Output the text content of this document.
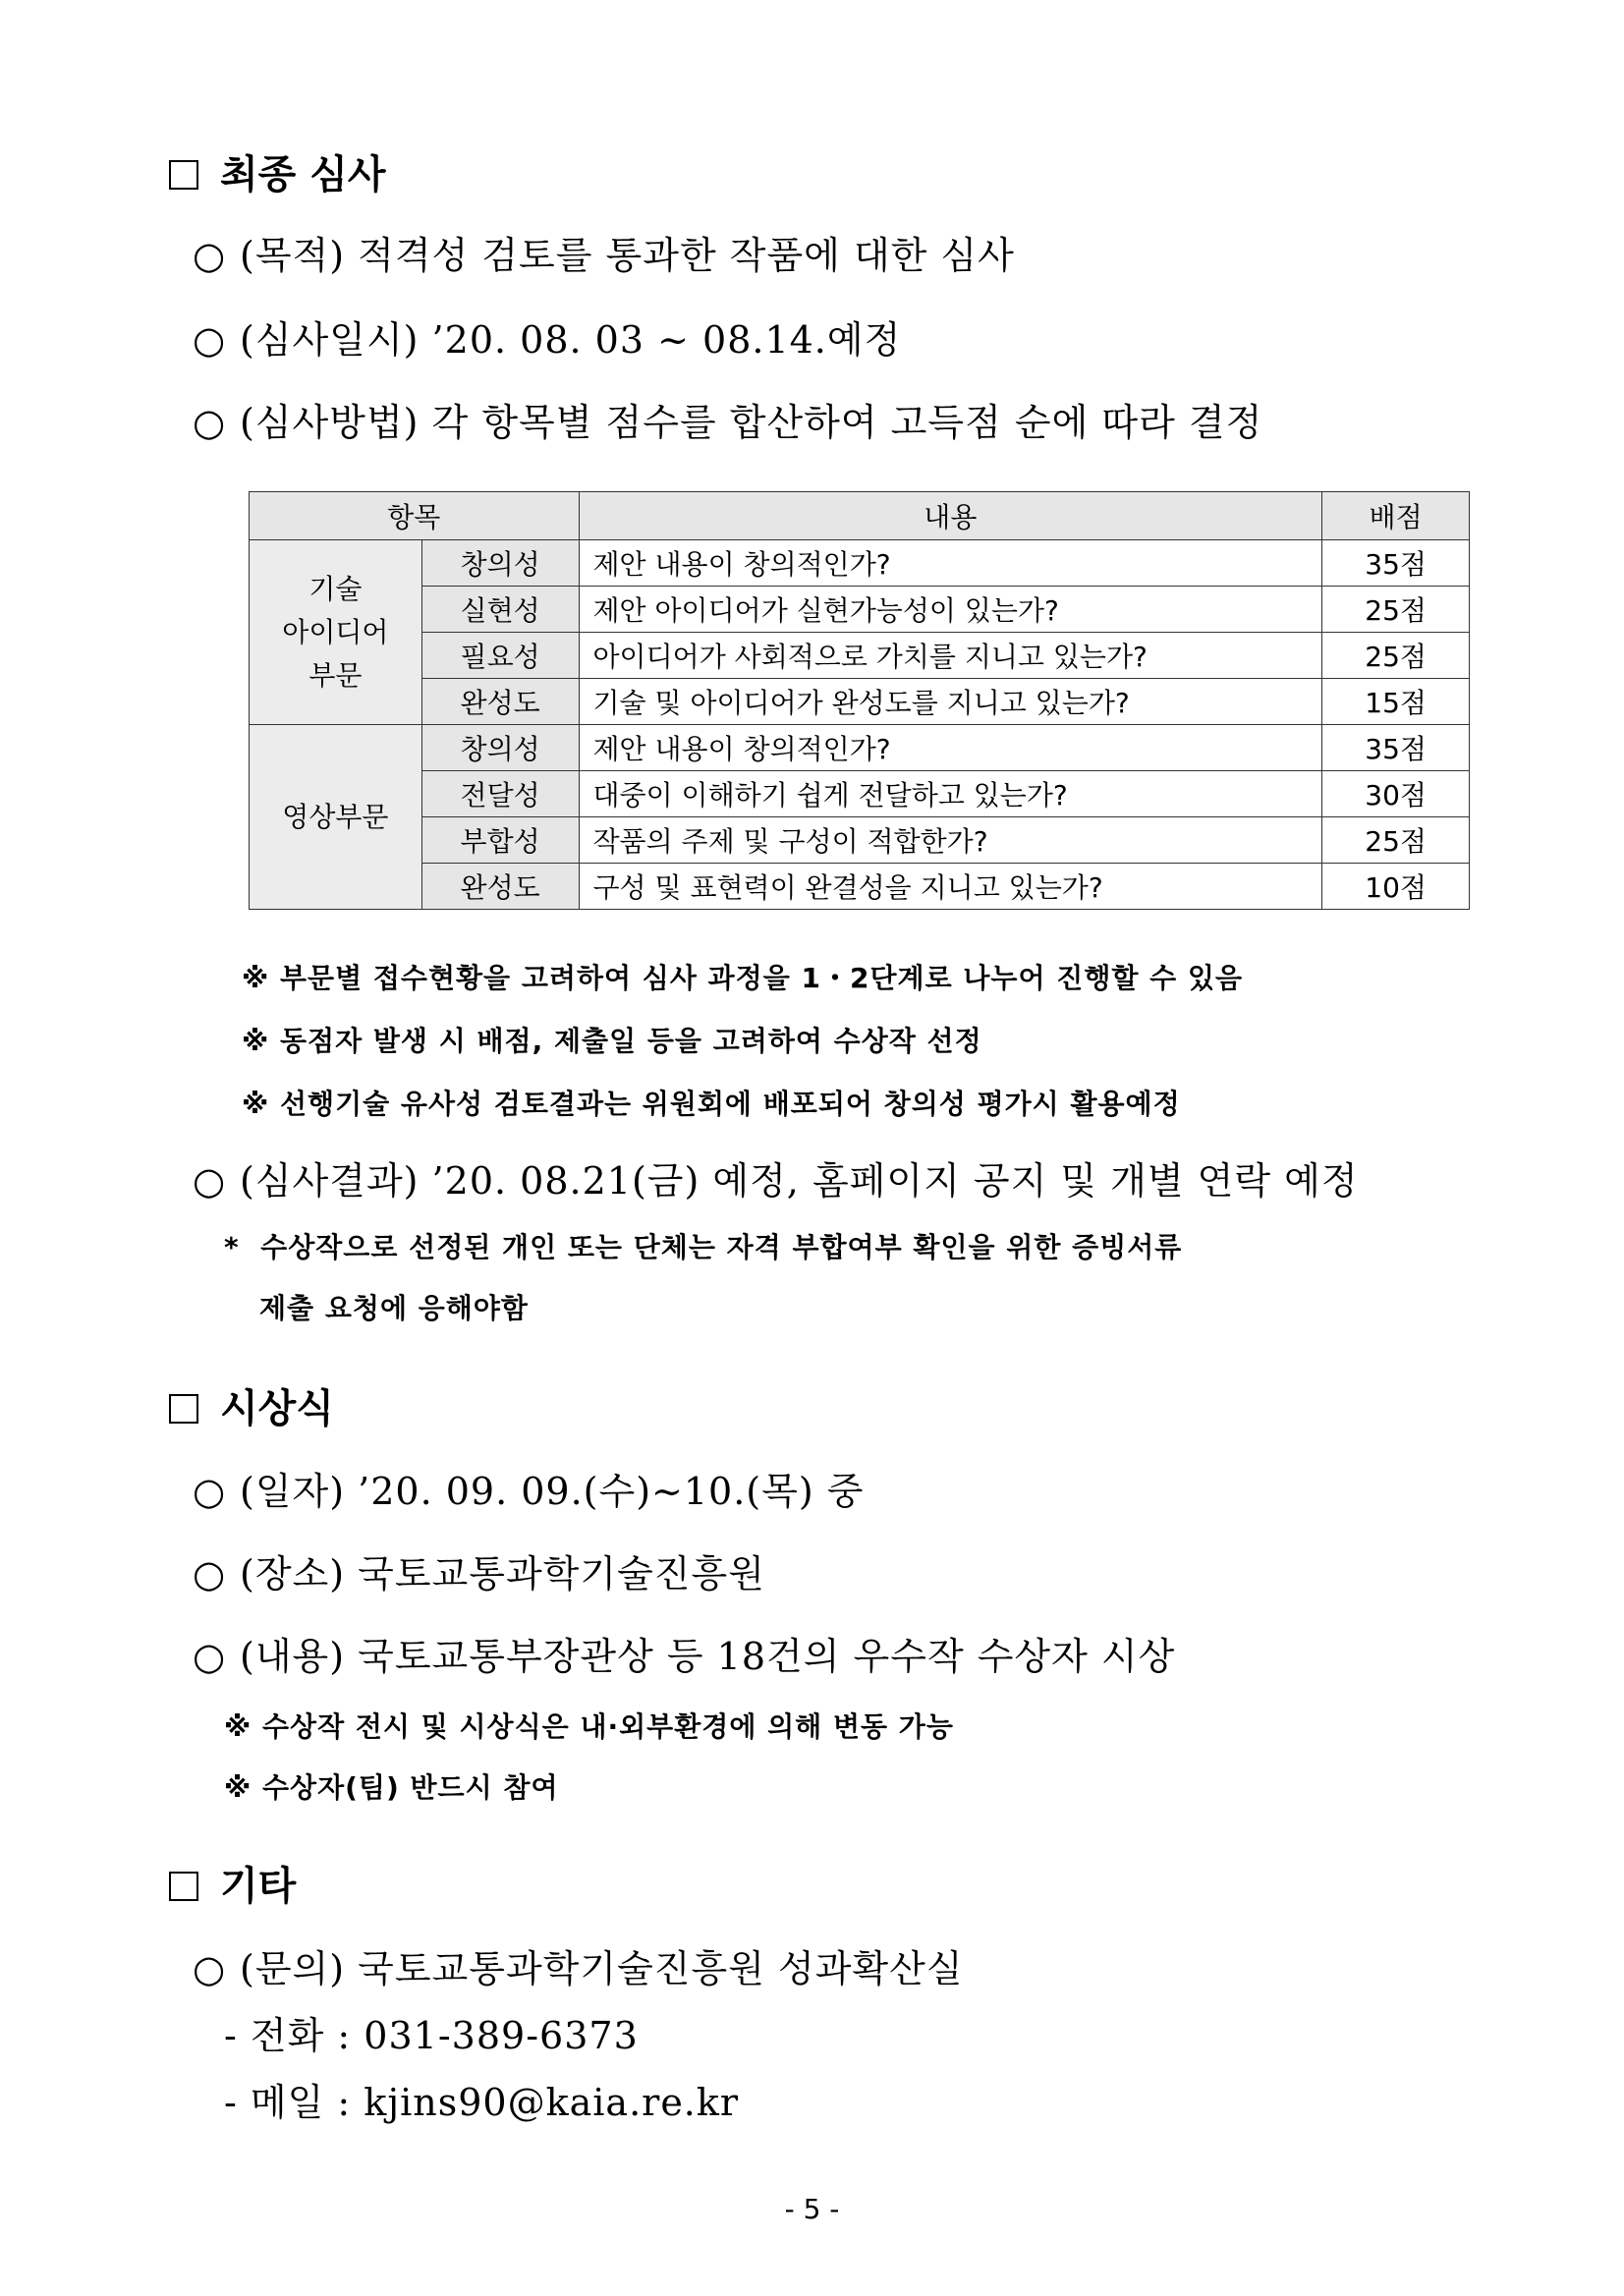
최종 심사
○ (목적) 적격성 검토를 통과한 작품에 대한 심사
○ (심사일시) ’20. 08. 03 ~ 08.14.예정
○ (심사방법) 각 항목별 점수를 합산하여 고득점 순에 따라 결정
항목		내용	배점

기술
아이디어
부문	창의성	제안 내용이 창의적인가?	35점
	실현성	제안 아이디어가 실현가능성이 있는가?	25점
	필요성	아이디어가 사회적으로 가치를 지니고 있는가?	25점
	완성도	기술 및 아이디어가 완성도를 지니고 있는가?	15점
영상부문	창의성	제안 내용이 창의적인가?	35점
	전달성	대중이 이해하기 쉽게 전달하고 있는가?	30점
	부합성	작품의 주제 및 구성이 적합한가?	25점
	완성도	구성 및 표현력이 완결성을 지니고 있는가?	10점
※ 부문별 접수현황을 고려하여 심사 과정을 1・2단계로 나누어 진행할 수 있음
※ 동점자 발생 시 배점, 제출일 등을 고려하여 수상작 선정
※ 선행기술 유사성 검토결과는 위원회에 배포되어 창의성 평가시 활용예정
○ (심사결과) ’20. 08.21(금) 예정, 홈페이지 공지 및 개별 연락 예정
* 수상작으로 선정된 개인 또는 단체는 자격 부합여부 확인을 위한 증빙서류
제출 요청에 응해야함
시상식
○ (일자) ’20. 09. 09.(수)∼10.(목) 중
○ (장소) 국토교통과학기술진흥원
○ (내용) 국토교통부장관상 등 18건의 우수작 수상자 시상
※ 수상작 전시 및 시상식은 내·외부환경에 의해 변동 가능
※ 수상자(팀) 반드시 참여
기타
○ (문의) 국토교통과학기술진흥원 성과확산실
- 전화 : 031-389-6373
- 메일 : kjins90@kaia.re.kr
- 5 -
